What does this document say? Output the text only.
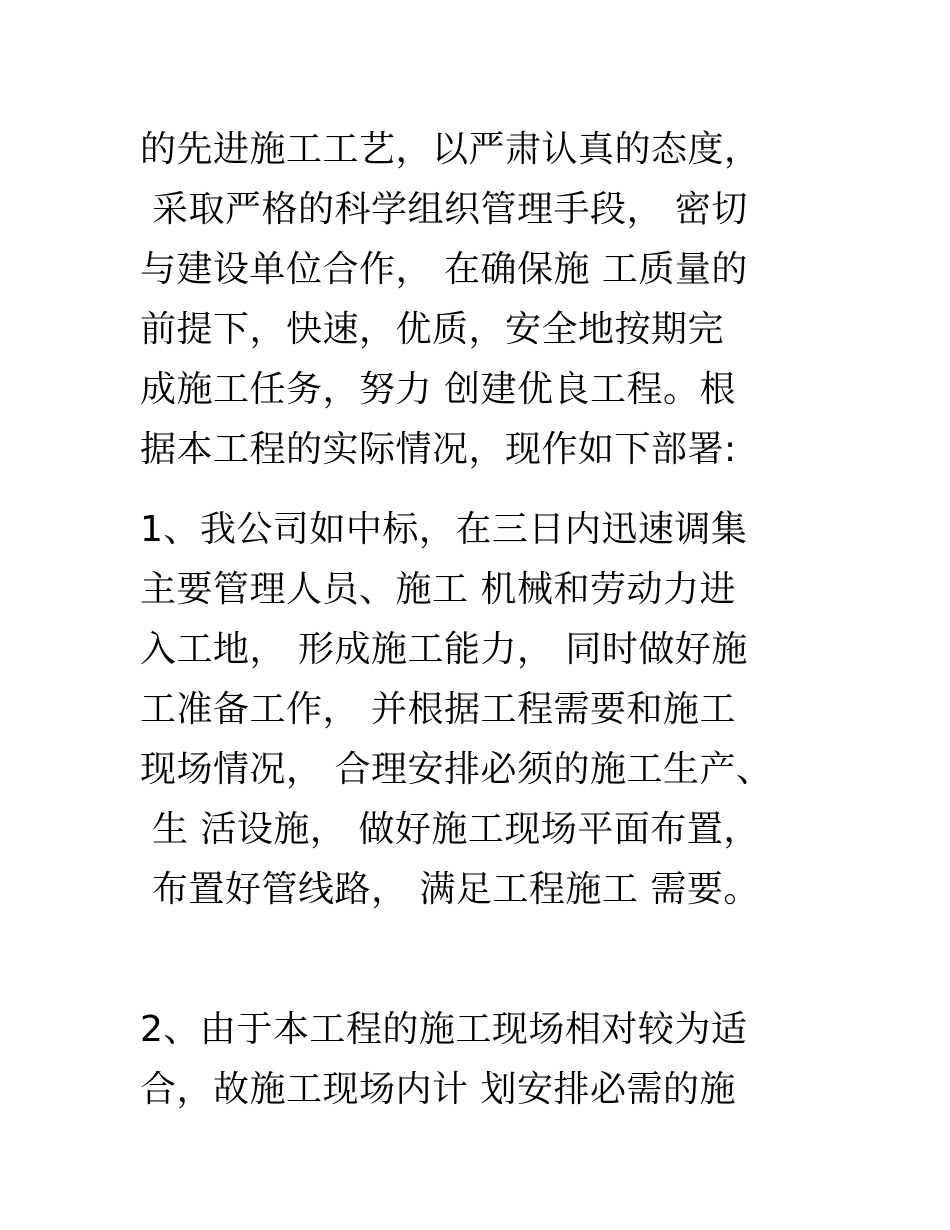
的先进施工工艺，以严肃认真的态度，
采取严格的科学组织管理手段， 密切
与建设单位合作， 在确保施 工质量的
前提下，快速，优质，安全地按期完
成施工任务，努力 创建优良工程。根
据本工程的实际情况，现作如下部署:
1、我公司如中标，在三日内迅速调集
主要管理人员、施工 机械和劳动力进
入工地， 形成施工能力， 同时做好施
工准备工作， 并根据工程需要和施工
现场情况， 合理安排必须的施工生产、
生 活设施， 做好施工现场平面布置，
布置好管线路， 满足工程施工 需要。
2、由于本工程的施工现场相对较为适
合，故施工现场内计 划安排必需的施
